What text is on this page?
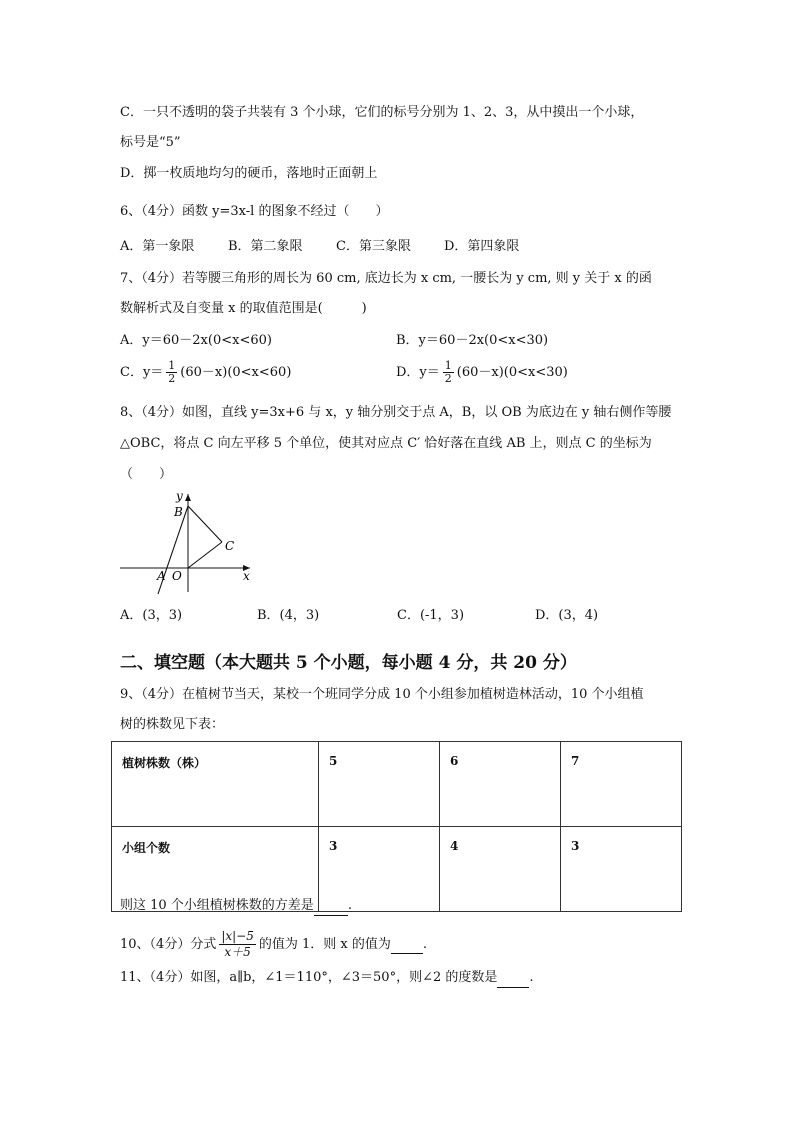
C．一只不透明的袋子共装有 3 个小球，它们的标号分别为 1、2、3，从中摸出一个小球，
标号是“5”
D．掷一枚质地均匀的硬币，落地时正面朝上
6、（4分）函数 y=3x-l 的图象不经过（　　）
A．第一象限	B．第二象限	C．第三象限	D．第四象限
7、（4分）若等腰三角形的周长为 60 cm, 底边长为 x cm, 一腰长为 y cm, 则 y 关于 x 的函
数解析式及自变量 x 的取值范围是(　　　)
A．y＝60－2x(0<x<60)	B．y＝60－2x(0<x<30)
C．$y= \frac{1}{2} (60-x)(0<x<60)$	D．$y= \frac{1}{2} (60-x)(0<x<30)$
8、（4分）如图，直线 y=3x+6 与 x，y 轴分别交于点 A，B，以 OB 为底边在 y 轴右侧作等腰
△OBC，将点 C 向左平移 5 个单位，使其对应点 C′ 恰好落在直线 AB 上，则点 C 的坐标为
（　　）
y
B
C
A O	x
A．(3，3)	B．(4，3)	C．(-1，3)	D．(3，4)
二、填空题（本大题共 5 个小题，每小题 4 分，共 20 分）
9、（4分）在植树节当天，某校一个班同学分成 10 个小组参加植树造林活动，10 个小组植
树的株数见下表：
植树株数（株）	5	6	7
小组个数	3	4	3
则这 10 个小组植树株数的方差是	.
10、（4分）分式 $\frac{|x|-5}{x+5}$ 的值为 1．则 x 的值为 .
11、（4分）如图，a∥b，∠1＝110°，∠3＝50°，则∠2 的度数是 .
